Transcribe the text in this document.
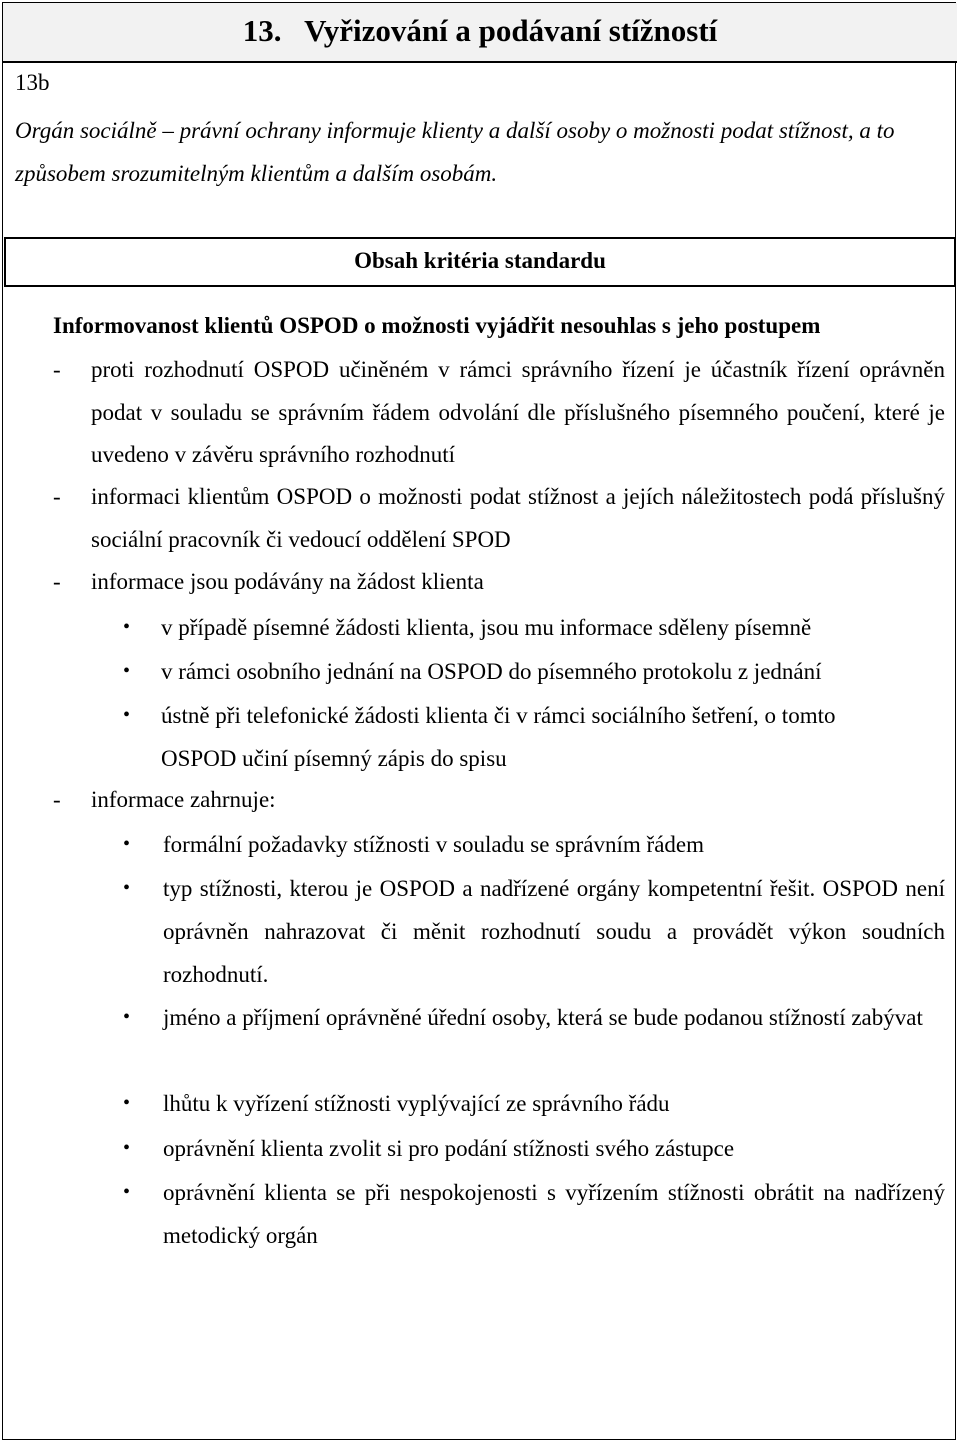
13.   Vyřizování a podávaní stížností
13b
Orgán sociálně – právní ochrany informuje klienty a další osoby o možnosti podat stížnost, a to způsobem srozumitelným klientům a dalším osobám.
Obsah kritéria standardu
Informovanost klientů OSPOD o možnosti vyjádřit nesouhlas s jeho postupem
- proti rozhodnutí OSPOD učiněném v rámci správního řízení je účastník řízení oprávněn podat v souladu se správním řádem odvolání dle příslušného písemného poučení, které je uvedeno v závěru správního rozhodnutí
- informaci klientům OSPOD o možnosti podat stížnost a jejích náležitostech podá příslušný sociální pracovník či vedoucí oddělení SPOD
- informace jsou podávány na žádost klienta
• v případě písemné žádosti klienta, jsou mu informace sděleny písemně
• v rámci osobního jednání na OSPOD do písemného protokolu z jednání
• ústně při telefonické žádosti klienta či v rámci sociálního šetření, o tomto OSPOD učiní písemný zápis do spisu
- informace zahrnuje:
• formální požadavky stížnosti v souladu se správním řádem
• typ stížnosti, kterou je OSPOD a nadřízené orgány kompetentní řešit. OSPOD není oprávněn nahrazovat či měnit rozhodnutí soudu a provádět výkon soudních rozhodnutí.
• jméno a příjmení oprávněné úřední osoby, která se bude podanou stížností zabývat
• lhůtu k vyřízení stížnosti vyplývající ze správního řádu
• oprávnění klienta zvolit si pro podání stížnosti svého zástupce
• oprávnění klienta se při nespokojenosti s vyřízením stížnosti obrátit na nadřízený metodický orgán
